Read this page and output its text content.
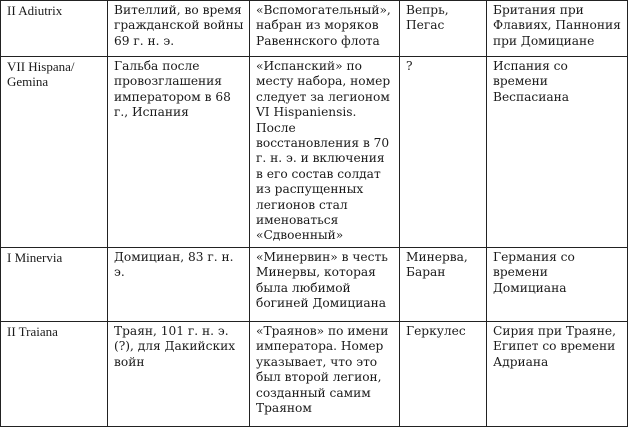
II Adiutrix	Вителлий, во время гражданской войны 69 г. н. э.	«Вспомогательный», набран из моряков Равеннского флота	Вепрь, Пегас	Британия при Флавиях, Паннония при Домициане

VII Hispana/ Gemina	Гальба после провозглашения императором в 68 г., Испания	«Испанский» по месту набора, номер следует за легионом VI Hispaniensis. После восстановления в 70 г. н. э. и включения в его состав солдат из распущенных легионов стал именоваться «Сдвоенный»	?	Испания со времени Веспасиана

I Minervia	Домициан, 83 г. н. э.	«Минервин» в честь Минервы, которая была любимой богиней Домициана	Минерва, Баран	Германия со времени Домициана

II Traiana	Траян, 101 г. н. э. (?), для Дакийских войн	«Траянов» по имени императора. Номер указывает, что это был второй легион, созданный самим Траяном	Геркулес	Сирия при Траяне, Египет со времени Адриана
